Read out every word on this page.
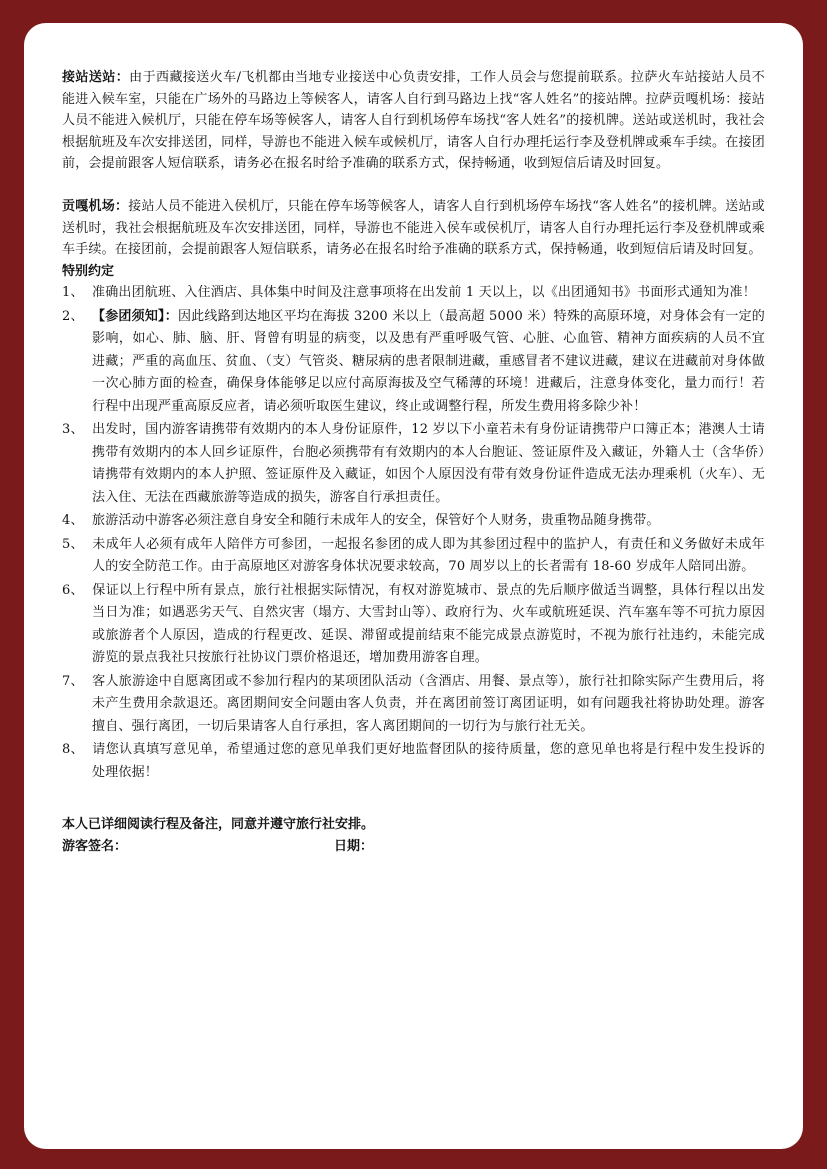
接站送站：由于西藏接送火车/飞机都由当地专业接送中心负责安排，工作人员会与您提前联系。拉萨火车站接站人员不能进入候车室，只能在广场外的马路边上等候客人，请客人自行到马路边上找“客人姓名”的接站牌。拉萨贡嘎机场：接站人员不能进入候机厅，只能在停车场等候客人，请客人自行到机场停车场找“客人姓名”的接机牌。送站或送机时，我社会根据航班及车次安排送团，同样，导游也不能进入候车或候机厅，请客人自行办理托运行李及登机牌或乘车手续。在接团前，会提前跟客人短信联系，请务必在报名时给予准确的联系方式，保持畅通，收到短信后请及时回复。

贡嘎机场：接站人员不能进入侯机厅，只能在停车场等候客人，请客人自行到机场停车场找“客人姓名”的接机牌。送站或送机时，我社会根据航班及车次安排送团，同样，导游也不能进入侯车或侯机厅，请客人自行办理托运行李及登机牌或乘车手续。在接团前，会提前跟客人短信联系，请务必在报名时给予准确的联系方式，保持畅通，收到短信后请及时回复。

特别约定

1、 准确出团航班、入住酒店、具体集中时间及注意事项将在出发前 1 天以上，以《出团通知书》书面形式通知为准！
2、 【参团须知】：因此线路到达地区平均在海拔 3200 米以上（最高超 5000 米）特殊的高原环境，对身体会有一定的影响，如心、肺、脑、肝、肾曾有明显的病变，以及患有严重呼吸气管、心脏、心血管、精神方面疾病的人员不宜进藏；严重的高血压、贫血、（支）气管炎、糖尿病的患者限制进藏，重感冒者不建议进藏，建议在进藏前对身体做一次心肺方面的检查，确保身体能够足以应付高原海拔及空气稀薄的环境！进藏后，注意身体变化，量力而行！若行程中出现严重高原反应者，请必须听取医生建议，终止或调整行程，所发生费用将多除少补！
3、 出发时，国内游客请携带有效期内的本人身份证原件，12 岁以下小童若未有身份证请携带户口簿正本；港澳人士请携带有效期内的本人回乡证原件，台胞必须携带有有效期内的本人台胞证、签证原件及入藏证，外籍人士（含华侨）请携带有效期内的本人护照、签证原件及入藏证，如因个人原因没有带有效身份证件造成无法办理乘机（火车）、无法入住、无法在西藏旅游等造成的损失，游客自行承担责任。
4、 旅游活动中游客必须注意自身安全和随行未成年人的安全，保管好个人财务，贵重物品随身携带。
5、 未成年人必须有成年人陪伴方可参团，一起报名参团的成人即为其参团过程中的监护人，有责任和义务做好未成年人的安全防范工作。由于高原地区对游客身体状况要求较高，70 周岁以上的长者需有 18-60 岁成年人陪同出游。
6、 保证以上行程中所有景点，旅行社根据实际情况，有权对游览城市、景点的先后顺序做适当调整，具体行程以出发当日为准；如遇恶劣天气、自然灾害（塌方、大雪封山等）、政府行为、火车或航班延误、汽车塞车等不可抗力原因或旅游者个人原因，造成的行程更改、延误、滞留或提前结束不能完成景点游览时，不视为旅行社违约，未能完成游览的景点我社只按旅行社协议门票价格退还，增加费用游客自理。
7、 客人旅游途中自愿离团或不参加行程内的某项团队活动（含酒店、用餐、景点等），旅行社扣除实际产生费用后，将未产生费用余款退还。离团期间安全问题由客人负责，并在离团前签订离团证明，如有问题我社将协助处理。游客擅自、强行离团，一切后果请客人自行承担，客人离团期间的一切行为与旅行社无关。
8、 请您认真填写意见单，希望通过您的意见单我们更好地监督团队的接待质量，您的意见单也将是行程中发生投诉的处理依据！
本人已详细阅读行程及备注，同意并遵守旅行社安排。
游客签名：	日期：
